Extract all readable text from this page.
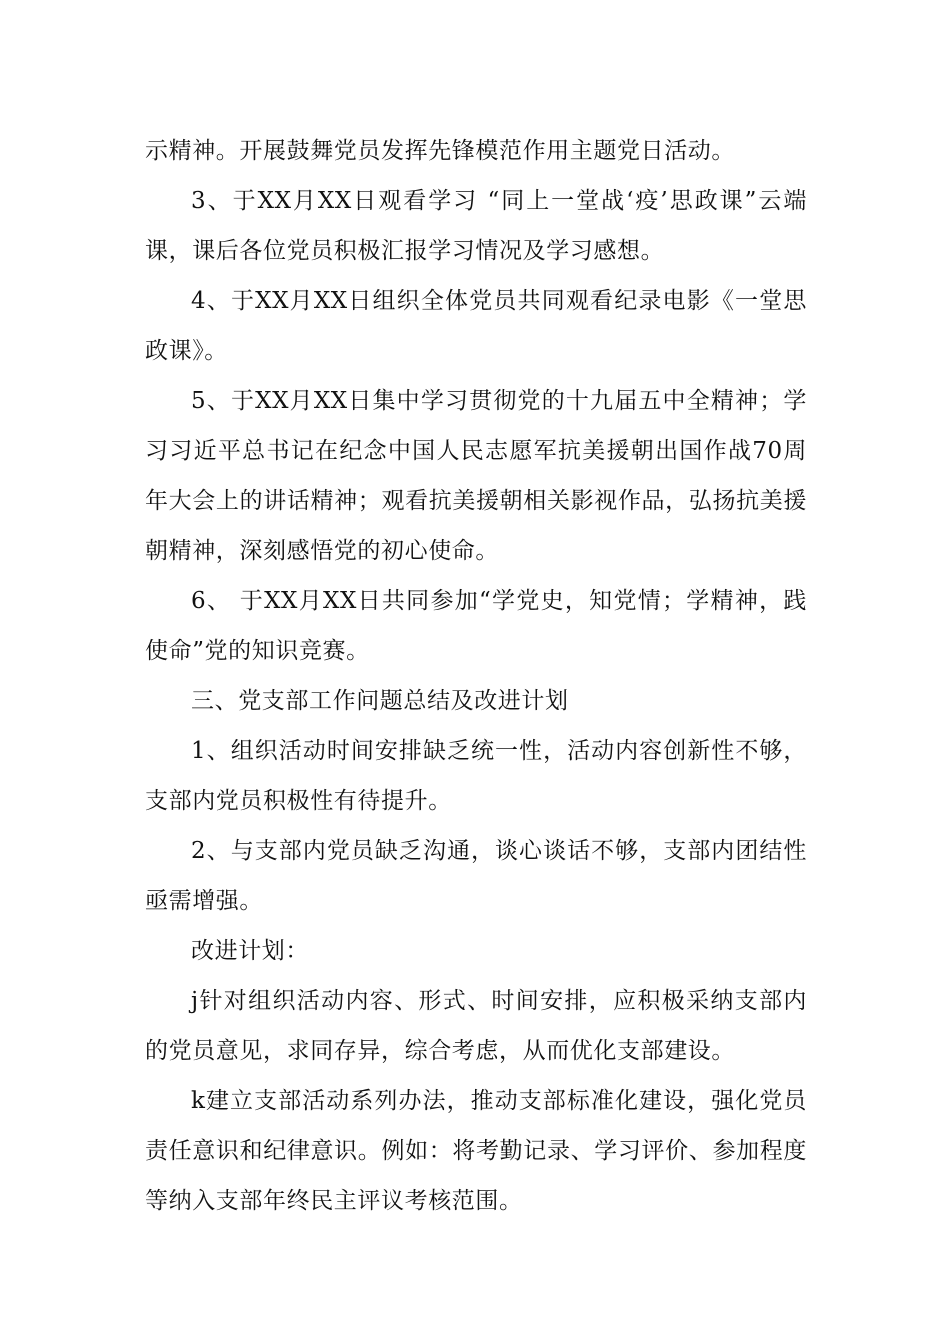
示精神。开展鼓舞党员发挥先锋模范作用主题党日活动。

3、于XX月XX日观看学习 “同上一堂战‘疫’思政课”云端课，课后各位党员积极汇报学习情况及学习感想。

4、于XX月XX日组织全体党员共同观看纪录电影《一堂思政课》。

5、于XX月XX日集中学习贯彻党的十九届五中全精神；学习习近平总书记在纪念中国人民志愿军抗美援朝出国作战70周年大会上的讲话精神；观看抗美援朝相关影视作品，弘扬抗美援朝精神，深刻感悟党的初心使命。

6、 于XX月XX日共同参加“学党史，知党情；学精神，践使命”党的知识竞赛。

三、党支部工作问题总结及改进计划

1、组织活动时间安排缺乏统一性，活动内容创新性不够，支部内党员积极性有待提升。

2、与支部内党员缺乏沟通，谈心谈话不够，支部内团结性亟需增强。

改进计划：

j针对组织活动内容、形式、时间安排，应积极采纳支部内的党员意见，求同存异，综合考虑，从而优化支部建设。

k建立支部活动系列办法，推动支部标准化建设，强化党员责任意识和纪律意识。例如：将考勤记录、学习评价、参加程度等纳入支部年终民主评议考核范围。
